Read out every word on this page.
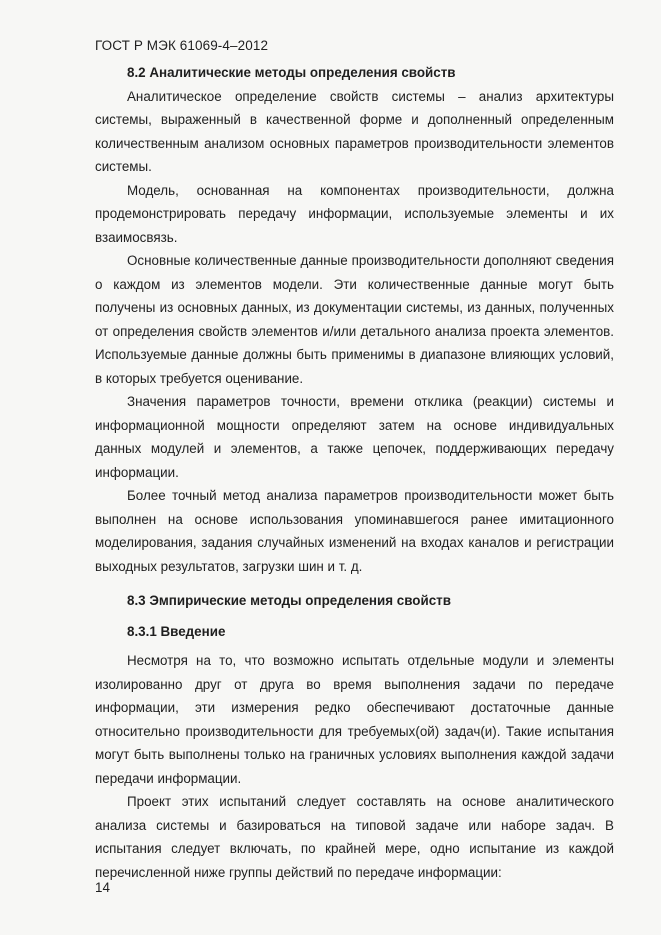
ГОСТ Р МЭК 61069-4–2012
8.2 Аналитические методы определения свойств

Аналитическое определение свойств системы – анализ архитектуры системы, выраженный в качественной форме и дополненный определенным количественным анализом основных параметров производительности элементов системы.

Модель, основанная на компонентах производительности, должна продемонстрировать передачу информации, используемые элементы и их взаимосвязь.

Основные количественные данные производительности дополняют сведения о каждом из элементов модели. Эти количественные данные могут быть получены из основных данных, из документации системы, из данных, полученных от определения свойств элементов и/или детального анализа проекта элементов. Используемые данные должны быть применимы в диапазоне влияющих условий, в которых требуется оценивание.

Значения параметров точности, времени отклика (реакции) системы и информационной мощности определяют затем на основе индивидуальных данных модулей и элементов, а также цепочек, поддерживающих передачу информации.

Более точный метод анализа параметров производительности может быть выполнен на основе использования упоминавшегося ранее имитационного моделирования, задания случайных изменений на входах каналов и регистрации выходных результатов, загрузки шин и т. д.

8.3 Эмпирические методы определения свойств
8.3.1 Введение

Несмотря на то, что возможно испытать отдельные модули и элементы изолированно друг от друга во время выполнения задачи по передаче информации, эти измерения редко обеспечивают достаточные данные относительно производительности для требуемых(ой) задач(и). Такие испытания могут быть выполнены только на граничных условиях выполнения каждой задачи передачи информации.

Проект этих испытаний следует составлять на основе аналитического анализа системы и базироваться на типовой задаче или наборе задач. В испытания следует включать, по крайней мере, одно испытание из каждой перечисленной ниже группы действий по передаче информации:

14
